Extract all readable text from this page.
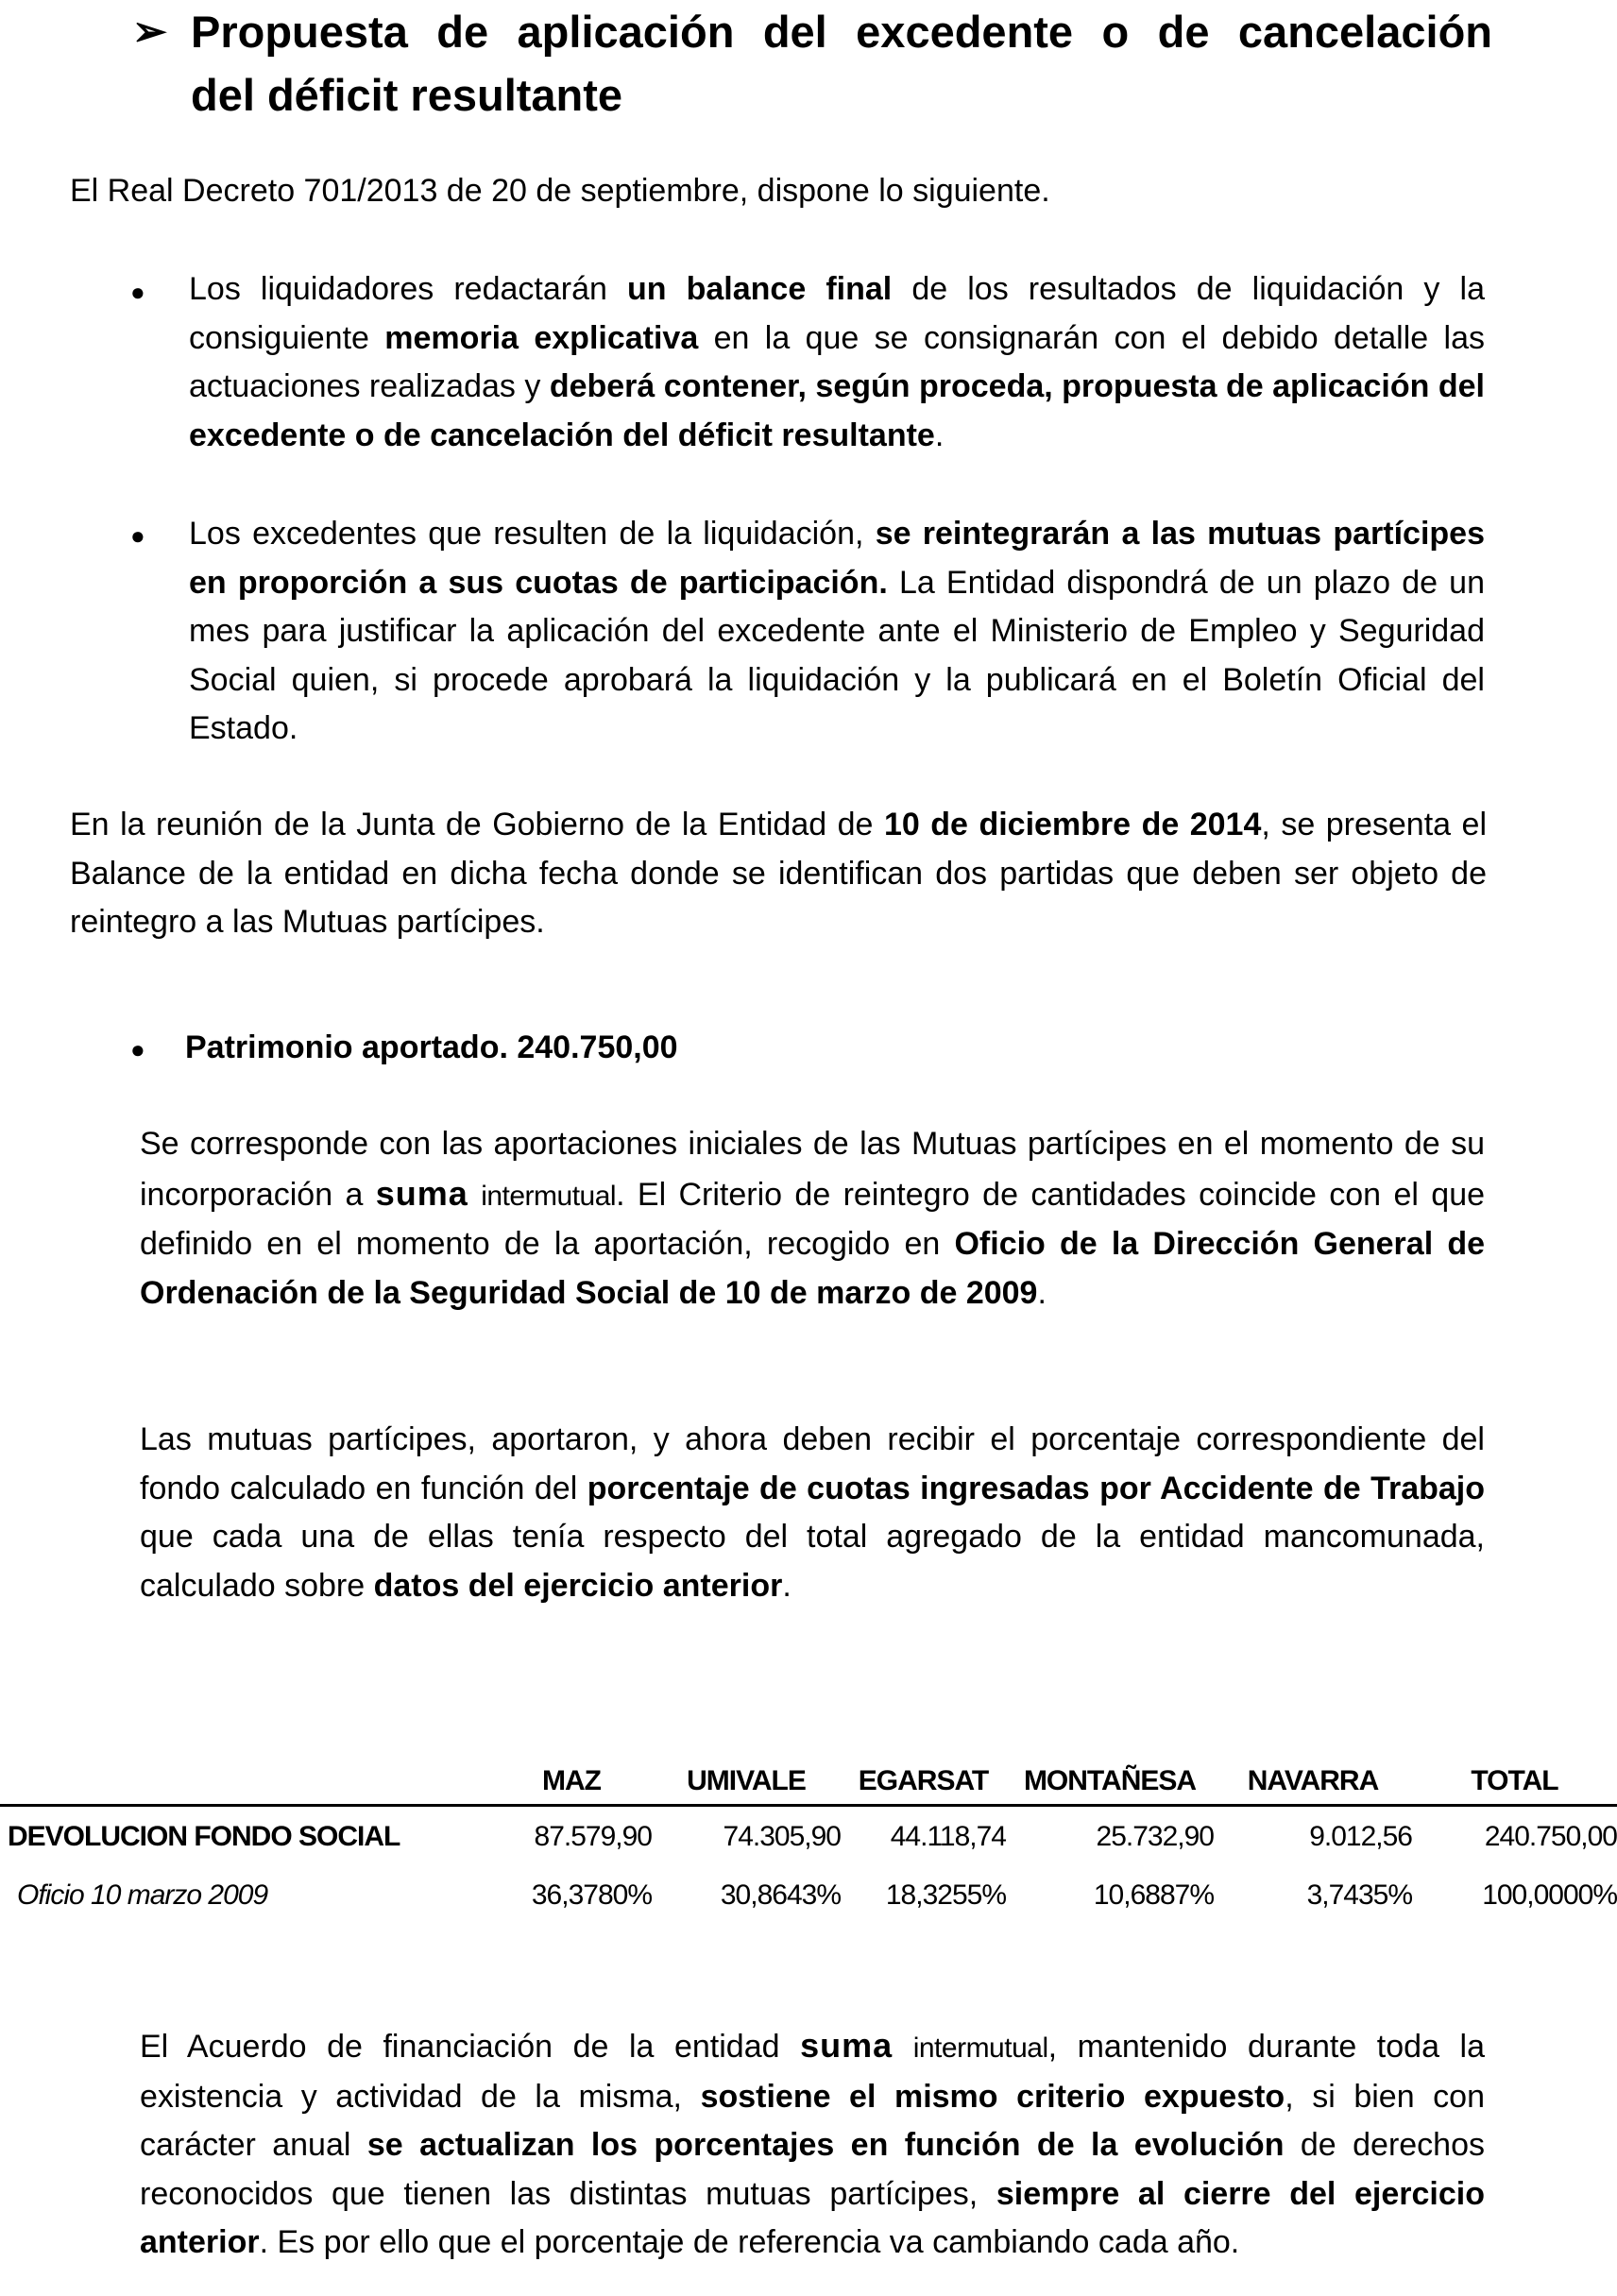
➢ Propuesta de aplicación del excedente o de cancelación
del déficit resultante
El Real Decreto 701/2013 de 20 de septiembre, dispone lo siguiente.
● Los liquidadores redactarán un balance final de los resultados de liquidación y la consiguiente memoria explicativa en la que se consignarán con el debido detalle las actuaciones realizadas y deberá contener, según proceda, propuesta de aplicación del excedente o de cancelación del déficit resultante.
● Los excedentes que resulten de la liquidación, se reintegrarán a las mutuas partícipes en proporción a sus cuotas de participación. La Entidad dispondrá de un plazo de un mes para justificar la aplicación del excedente ante el Ministerio de Empleo y Seguridad Social quien, si procede aprobará la liquidación y la publicará en el Boletín Oficial del Estado.
En la reunión de la Junta de Gobierno de la Entidad de 10 de diciembre de 2014, se presenta el Balance de la entidad en dicha fecha donde se identifican dos partidas que deben ser objeto de reintegro a las Mutuas partícipes.
● Patrimonio aportado. 240.750,00
Se corresponde con las aportaciones iniciales de las Mutuas partícipes en el momento de su incorporación a suma intermutual. El Criterio de reintegro de cantidades coincide con el que definido en el momento de la aportación, recogido en Oficio de la Dirección General de Ordenación de la Seguridad Social de 10 de marzo de 2009.
Las mutuas partícipes, aportaron, y ahora deben recibir el porcentaje correspondiente del fondo calculado en función del porcentaje de cuotas ingresadas por Accidente de Trabajo que cada una de ellas tenía respecto del total agregado de la entidad mancomunada, calculado sobre datos del ejercicio anterior.
	MAZ	UMIVALE	EGARSAT	MONTAÑESA	NAVARRA	TOTAL
DEVOLUCION FONDO SOCIAL	87.579,90	74.305,90	44.118,74	25.732,90	9.012,56	240.750,00
Oficio 10 marzo 2009	36,3780%	30,8643%	18,3255%	10,6887%	3,7435%	100,0000%
El Acuerdo de financiación de la entidad suma intermutual, mantenido durante toda la existencia y actividad de la misma, sostiene el mismo criterio expuesto, si bien con carácter anual se actualizan los porcentajes en función de la evolución de derechos reconocidos que tienen las distintas mutuas partícipes, siempre al cierre del ejercicio anterior. Es por ello que el porcentaje de referencia va cambiando cada año.
